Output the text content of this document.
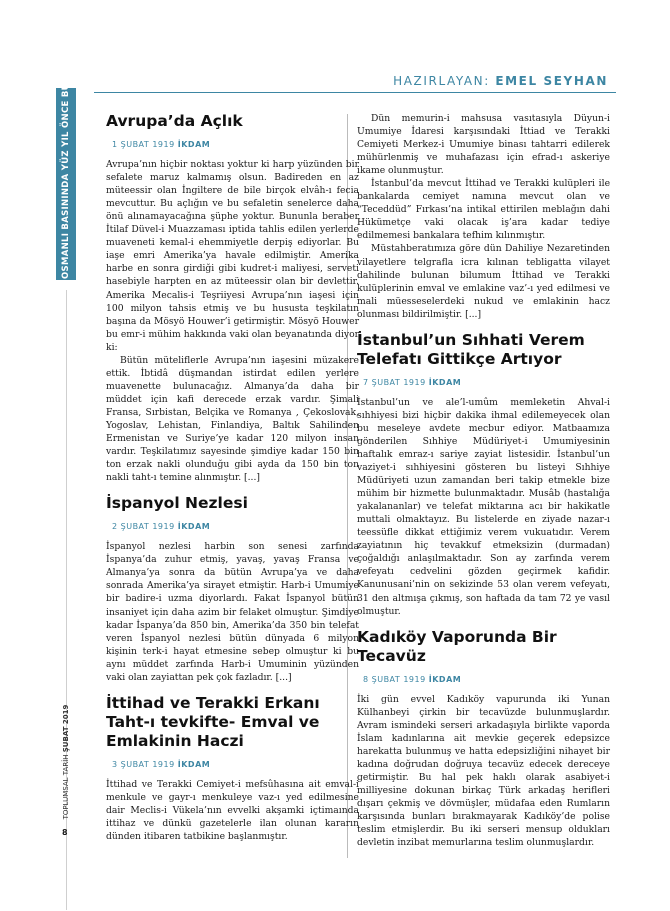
OSMANLI BASININDA YÜZ YIL ÖNCE BU AY
TOPLUMSAL TARİH ŞUBAT 2019
8
HAZIRLAYAN: EMEL SEYHAN
Avrupa’da Açlık
1 ŞUBAT 1919 İKDAM

Avrupa’nın hiçbir noktası yoktur ki harp yüzünden bir sefalete maruz kalmamış olsun. Badireden en az müteessir olan İngiltere de bile birçok elvâh-ı fecia mevcuttur. Bu açlığın ve bu sefaletin senelerce daha önü alınamayacağına şüphe yoktur. Bununla beraber İtilaf Düvel-i Muazzaması iptida tahlis edilen yerlerde muaveneti kemal-i ehemmiyetle derpiş ediyorlar. Bu iaşe emri Amerika’ya havale edilmiştir. Amerika harbe en sonra girdiği gibi kudret-i maliyesi, serveti hasebiyle harpten en az müteessir olan bir devlettir. Amerika Mecalis-i Teşriiyesi Avrupa’nın iaşesi için 100 milyon tahsis etmiş ve bu hususta teşkilatın başına da Mösyö Houwer’i getirmiştir. Mösyö Houwer bu emr-i mühim hakkında vaki olan beyanatında diyor ki:

Bütün müteliflerle Avrupa’nın iaşesini müzakere ettik. İbtidâ düşmandan istirdat edilen yerlere muavenette bulunacağız. Almanya’da daha bir müddet için kafi derecede erzak vardır. Şimali Fransa, Sırbistan, Belçika ve Romanya , Çekoslovak, Yogoslav, Lehistan, Finlandiya, Baltık Sahilinden Ermenistan ve Suriye’ye kadar 120 milyon insan vardır. Teşkilatımız sayesinde şimdiye kadar 150 bin ton erzak nakli olunduğu gibi ayda da 150 bin ton nakli taht-ı temine alınmıştır. [...]

İspanyol Nezlesi
2 ŞUBAT 1919 İKDAM

İspanyol nezlesi harbin son senesi zarfında İspanya’da zuhur etmiş, yavaş, yavaş Fransa ve Almanya’ya sonra da bütün Avrupa’ya ve daha sonrada Amerika’ya sirayet etmiştir. Harb-i Umumiye bir badire-i uzma diyorlardı. Fakat İspanyol bütün insaniyet için daha azim bir felaket olmuştur. Şimdiye kadar İspanya’da 850 bin, Amerika’da 350 bin telefat veren İspanyol nezlesi bütün dünyada 6 milyon kişinin terk-i hayat etmesine sebep olmuştur ki bu aynı müddet zarfında Harb-i Umuminin yüzünden vaki olan zayiattan pek çok fazladır. [...]

İttihad ve Terakki Erkanı Taht-ı tevkifte- Emval ve Emlakinin Haczi
3 ŞUBAT 1919 İKDAM

İttihad ve Terakki Cemiyet-i mefsûhasına ait emval-i menkule ve gayr-ı menkuleye vaz-ı yed edilmesine dair Meclis-i Vükela’nın evvelki akşamki içtimaında ittihaz ve dünkü gazetelerle ilan olunan kararın dünden itibaren tatbikine başlanmıştır.

Dün memurin-i mahsusa vasıtasıyla Düyun-i Umumiye İdaresi karşısındaki İttiad ve Terakki Cemiyeti Merkez-i Umumiye binası tahtarri edilerek mühürlenmiş ve muhafazası için efrad-ı askeriye ikame olunmuştur.

İstanbul’da mevcut İttihad ve Terakki kulüpleri ile bankalarda cemiyet namına mevcut olan ve “Teceddüd” Fırkası’na intikal ettirilen meblağın dahi Hükümetçe vaki olacak iş’ara kadar tediye edilmemesi bankalara tefhim kılınmıştır.

Müstahberatımıza göre dün Dahiliye Nezaretinden vilayetlere telgrafla icra kılınan tebligatta vilayet dahilinde bulunan bilumum İttihad ve Terakki kulüplerinin emval ve emlakine vaz’-ı yed edilmesi ve mali müesseselerdeki nukud ve emlakinin hacz olunması bildirilmiştir. [...]

İstanbul’un Sıhhati Verem Telefatı Gittikçe Artıyor
7 ŞUBAT 1919 İKDAM

İstanbul’un ve ale’l-umûm memleketin Ahval-i sıhhiyesi bizi hiçbir dakika ihmal edilemeyecek olan bu meseleye avdete mecbur ediyor. Matbaamıza gönderilen Sıhhiye Müdüriyet-i Umumiyesinin haftalık emraz-ı sariye zayiat listesidir. İstanbul’un vaziyet-i sıhhiyesini gösteren bu listeyi Sıhhiye Müdüriyeti uzun zamandan beri takip etmekle bize mühim bir hizmette bulunmaktadır. Musâb (hastalığa yakalananlar) ve telefat miktarına acı bir hakikatle muttali olmaktayız. Bu listelerde en ziyade nazar-ı teessüfle dikkat ettiğimiz verem vukuatıdır. Verem zayiatının hiç tevakkuf etmeksizin (durmadan) çoğaldığı anlaşılmaktadır. Son ay zarfında verem vefeyatı cedvelini gözden geçirmek kafidir. Kanunusani’nin on sekizinde 53 olan verem vefeyatı, 31 den altmışa çıkmış, son haftada da tam 72 ye vasıl olmuştur.

Kadıköy Vaporunda Bir Tecavüz
8 ŞUBAT 1919 İKDAM

İki gün evvel Kadıköy vapurunda iki Yunan Külhanbeyi çirkin bir tecavüzde bulunmuşlardır. Avram ismindeki serseri arkadaşıyla birlikte vaporda İslam kadınlarına ait mevkie geçerek edepsizce harekatta bulunmuş ve hatta edepsizliğini nihayet bir kadına doğrudan doğruya tecavüz edecek dereceye getirmiştir. Bu hal pek haklı olarak asabiyet-i milliyesine dokunan birkaç Türk arkadaş herifleri dışarı çekmiş ve dövmüşler, müdafaa eden Rumların karşısında bunları bırakmayarak Kadıköy’de polise teslim etmişlerdir. Bu iki serseri mensup oldukları devletin inzibat memurlarına teslim olunmuşlardır.
